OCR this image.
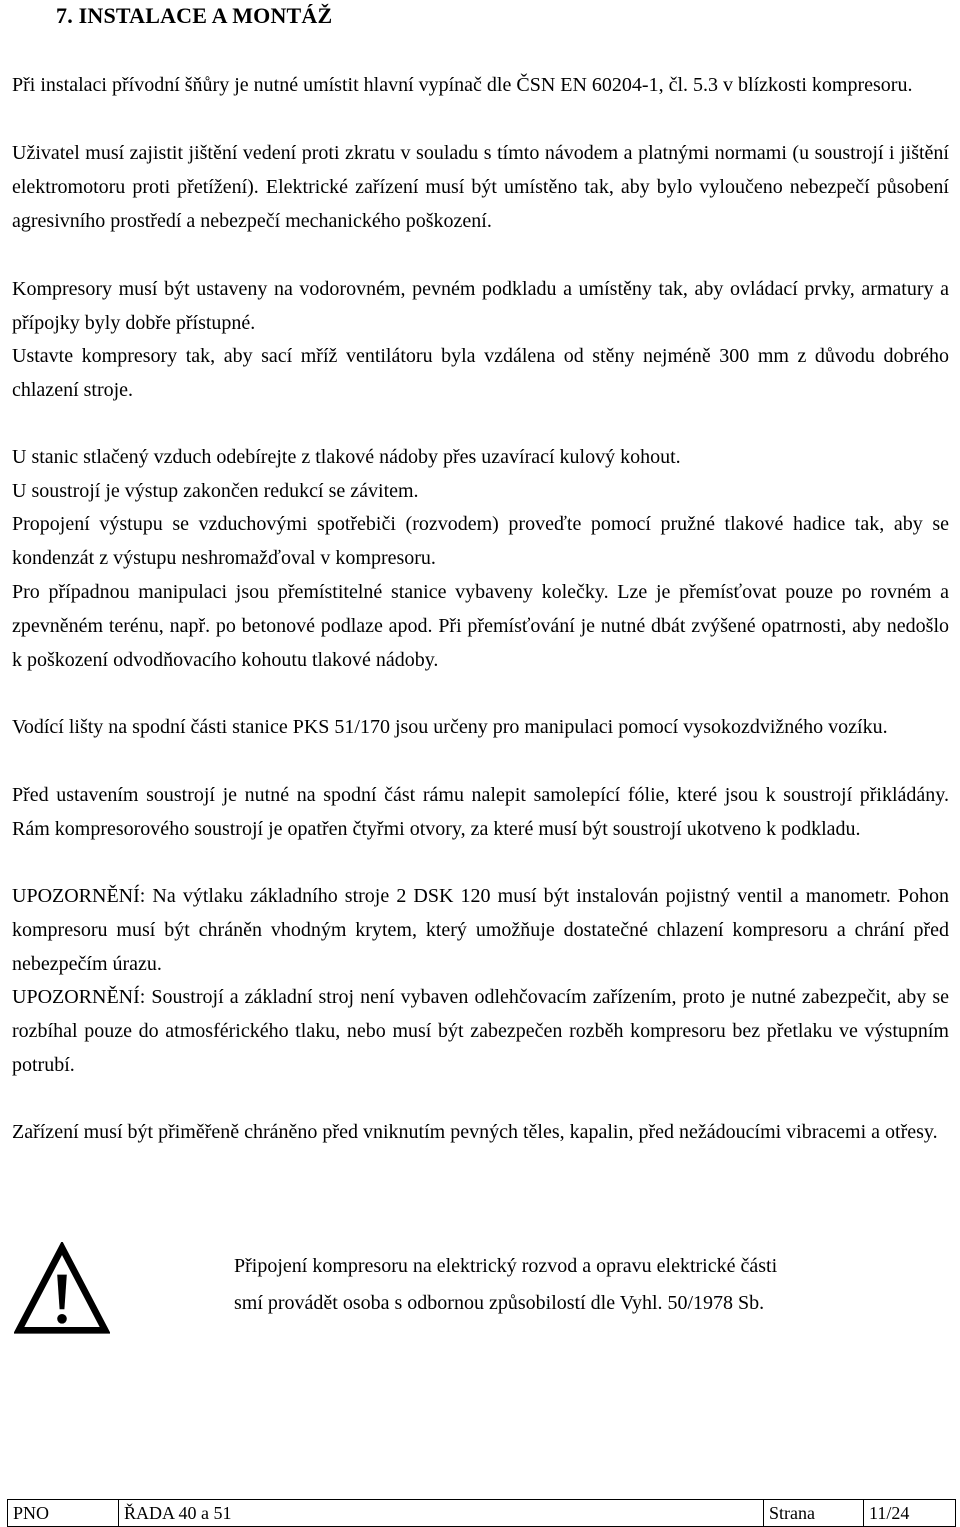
7. INSTALACE A MONTÁŽ

Při instalaci přívodní šňůry je nutné umístit hlavní vypínač dle ČSN EN 60204-1, čl. 5.3 v blízkosti kompresoru.

Uživatel musí zajistit jištění vedení proti zkratu v souladu s tímto návodem a platnými normami (u soustrojí i jištění elektromotoru proti přetížení). Elektrické zařízení musí být umístěno tak, aby bylo vyloučeno nebezpečí působení agresivního prostředí a nebezpečí mechanického poškození.

Kompresory musí být ustaveny na vodorovném, pevném podkladu a umístěny tak, aby ovládací prvky, armatury a přípojky byly dobře přístupné.

Ustavte kompresory tak, aby sací mříž ventilátoru byla vzdálena od stěny nejméně 300 mm z důvodu dobrého chlazení stroje.

U stanic stlačený vzduch odebírejte z tlakové nádoby přes uzavírací kulový kohout.

U soustrojí je výstup zakončen redukcí se závitem.

Propojení výstupu se vzduchovými spotřebiči (rozvodem) proveďte pomocí pružné tlakové hadice tak, aby se kondenzát z výstupu neshromažďoval v kompresoru.

Pro případnou manipulaci jsou přemístitelné stanice vybaveny kolečky. Lze je přemísťovat pouze po rovném a zpevněném terénu, např. po betonové podlaze apod. Při přemísťování je nutné dbát zvýšené opatrnosti, aby nedošlo k poškození odvodňovacího kohoutu tlakové nádoby.

Vodící lišty na spodní části stanice PKS 51/170 jsou určeny pro manipulaci pomocí vysokozdvižného vozíku.

Před ustavením soustrojí je nutné na spodní část rámu nalepit samolepící fólie, které jsou k soustrojí přikládány. Rám kompresorového soustrojí je opatřen čtyřmi otvory, za které musí být soustrojí ukotveno k podkladu.

UPOZORNĚNÍ: Na výtlaku základního stroje 2 DSK 120 musí být instalován pojistný ventil a manometr. Pohon kompresoru musí být chráněn vhodným krytem, který umožňuje dostatečné chlazení kompresoru a chrání před nebezpečím úrazu.

UPOZORNĚNÍ: Soustrojí a základní stroj není vybaven odlehčovacím zařízením, proto je nutné zabezpečit, aby se rozbíhal pouze do atmosférického tlaku, nebo musí být zabezpečen rozběh kompresoru bez přetlaku ve výstupním potrubí.

Zařízení musí být přiměřeně chráněno před vniknutím pevných těles, kapalin, před nežádoucími vibracemi a otřesy.

Připojení kompresoru na elektrický rozvod a opravu elektrické části
smí provádět osoba s odbornou způsobilostí dle Vyhl. 50/1978 Sb.
PNO	ŘADA 40 a 51	Strana	11/24
